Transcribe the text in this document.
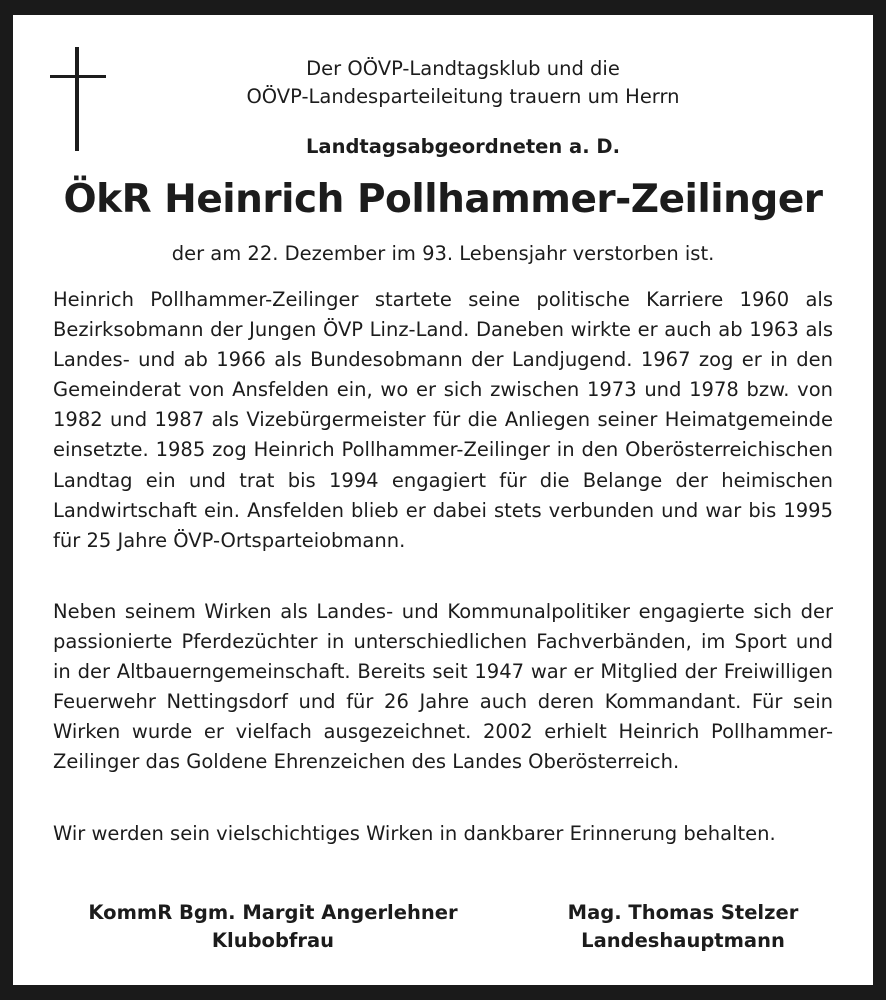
Der OÖVP-Landtagsklub und die
OÖVP-Landesparteileitung trauern um Herrn
Landtagsabgeordneten a. D.
ÖkR Heinrich Pollhammer-Zeilinger
der am 22. Dezember im 93. Lebensjahr verstorben ist.

Heinrich Pollhammer-Zeilinger startete seine politische Karriere 1960 als Bezirksobmann der Jungen ÖVP Linz-Land. Daneben wirkte er auch ab 1963 als Landes- und ab 1966 als Bundesobmann der Landjugend. 1967 zog er in den Gemeinderat von Ansfelden ein, wo er sich zwischen 1973 und 1978 bzw. von 1982 und 1987 als Vizebürgermeister für die Anliegen seiner Heimatgemeinde einsetzte. 1985 zog Heinrich Pollhammer-Zeilinger in den Oberösterreichischen Landtag ein und trat bis 1994 engagiert für die Belange der heimischen Landwirtschaft ein. Ansfelden blieb er dabei stets verbunden und war bis 1995 für 25 Jahre ÖVP-Ortsparteiobmann.

Neben seinem Wirken als Landes- und Kommunalpolitiker engagierte sich der passionierte Pferdezüchter in unterschiedlichen Fachverbänden, im Sport und in der Altbauerngemeinschaft. Bereits seit 1947 war er Mitglied der Freiwilligen Feuerwehr Nettingsdorf und für 26 Jahre auch deren Kommandant. Für sein Wirken wurde er vielfach ausgezeichnet. 2002 erhielt Heinrich Pollhammer-Zeilinger das Goldene Ehrenzeichen des Landes Oberösterreich.

Wir werden sein vielschichtiges Wirken in dankbarer Erinnerung behalten.

KommR Bgm. Margit Angerlehner
Klubobfrau
Mag. Thomas Stelzer
Landeshauptmann
